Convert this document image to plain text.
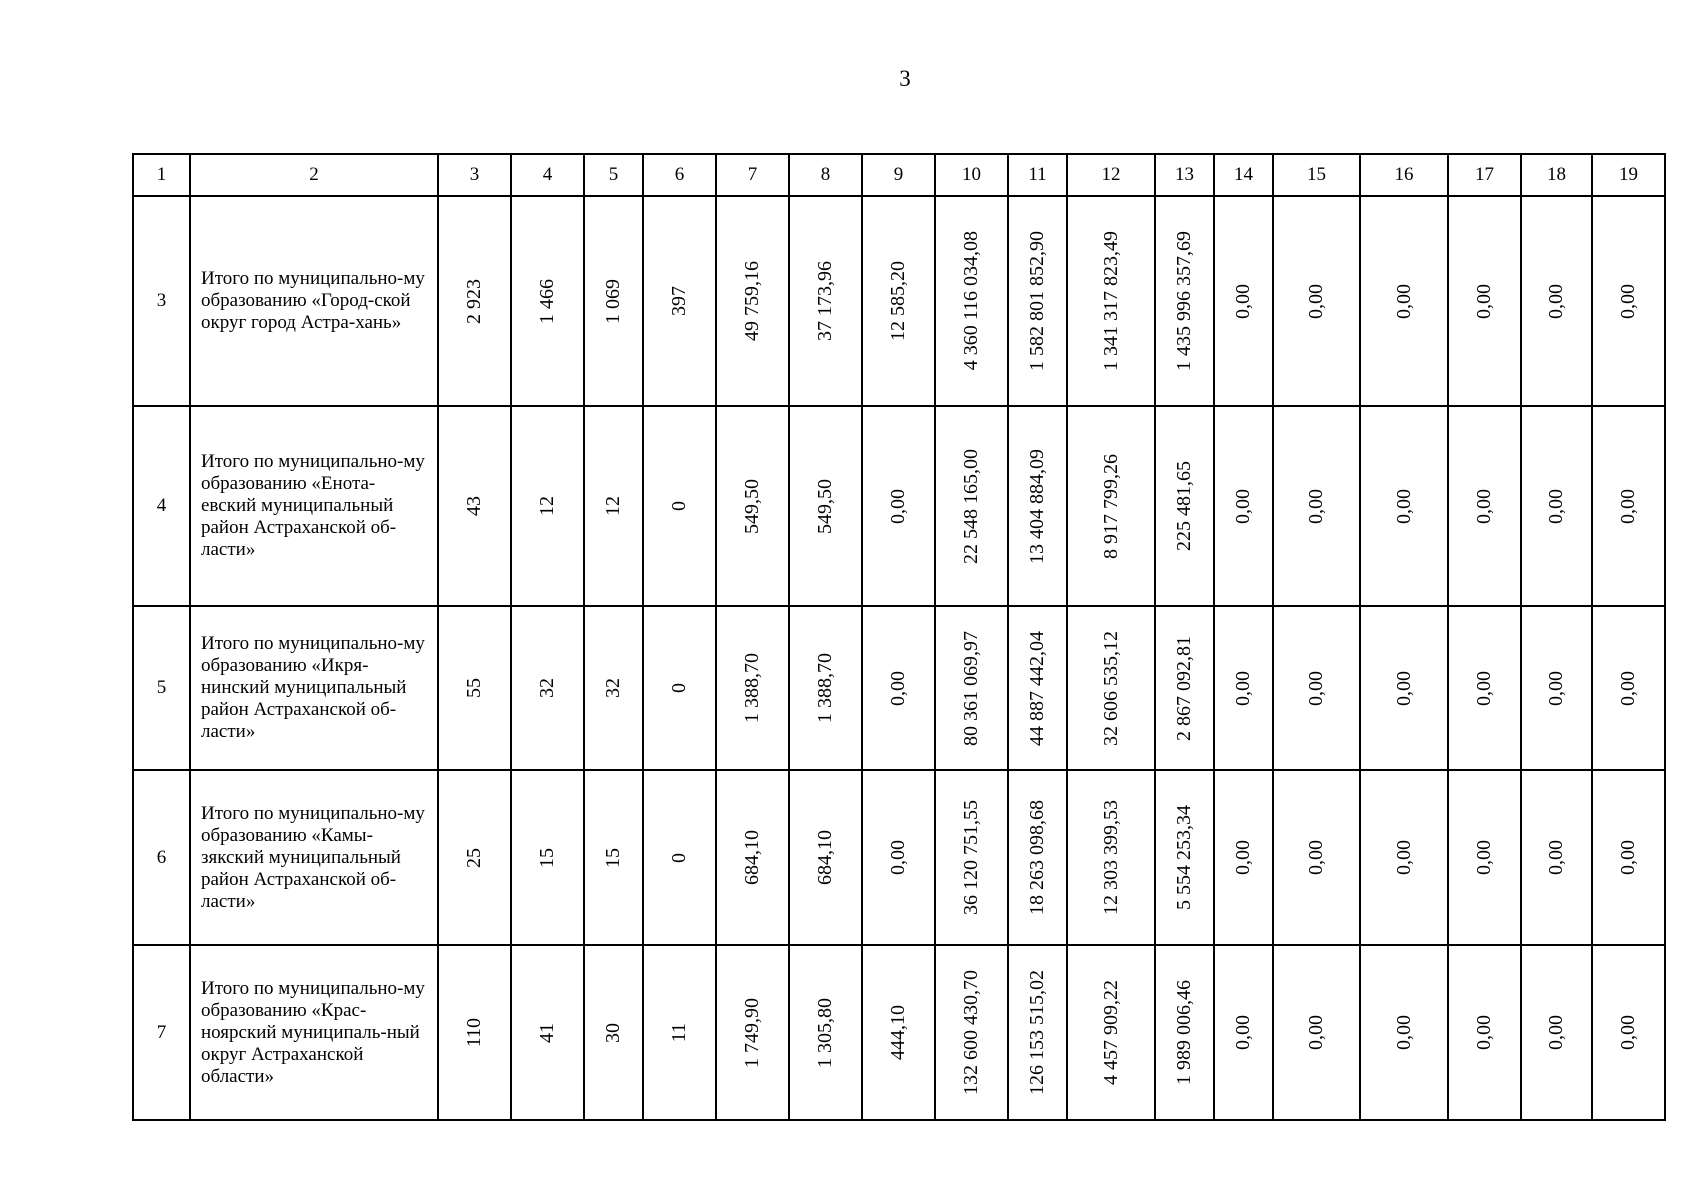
3
1	2	3	4	5	6	7	8	9	10	11	12	13	14	15	16	17	18	19
3	Итого по муниципально-му образованию «Город-ской округ город Астра-хань»	2 923	1 466	1 069	397	49 759,16	37 173,96	12 585,20	4 360 116 034,08	1 582 801 852,90	1 341 317 823,49	1 435 996 357,69	0,00	0,00	0,00	0,00	0,00	0,00

4	Итого по муниципально-му образованию «Енота-евский муниципальный район Астраханской об-ласти»	43	12	12	0	549,50	549,50	0,00	22 548 165,00	13 404 884,09	8 917 799,26	225 481,65	0,00	0,00	0,00	0,00	0,00	0,00

5	Итого по муниципально-му образованию «Икря-нинский муниципальный район Астраханской об-ласти»	55	32	32	0	1 388,70	1 388,70	0,00	80 361 069,97	44 887 442,04	32 606 535,12	2 867 092,81	0,00	0,00	0,00	0,00	0,00	0,00

6	Итого по муниципально-му образованию «Камы-зякский муниципальный район Астраханской об-ласти»	25	15	15	0	684,10	684,10	0,00	36 120 751,55	18 263 098,68	12 303 399,53	5 554 253,34	0,00	0,00	0,00	0,00	0,00	0,00

7	Итого по муниципально-му образованию «Крас-ноярский муниципаль-ный округ Астраханской области»	110	41	30	11	1 749,90	1 305,80	444,10	132 600 430,70	126 153 515,02	4 457 909,22	1 989 006,46	0,00	0,00	0,00	0,00	0,00	0,00
